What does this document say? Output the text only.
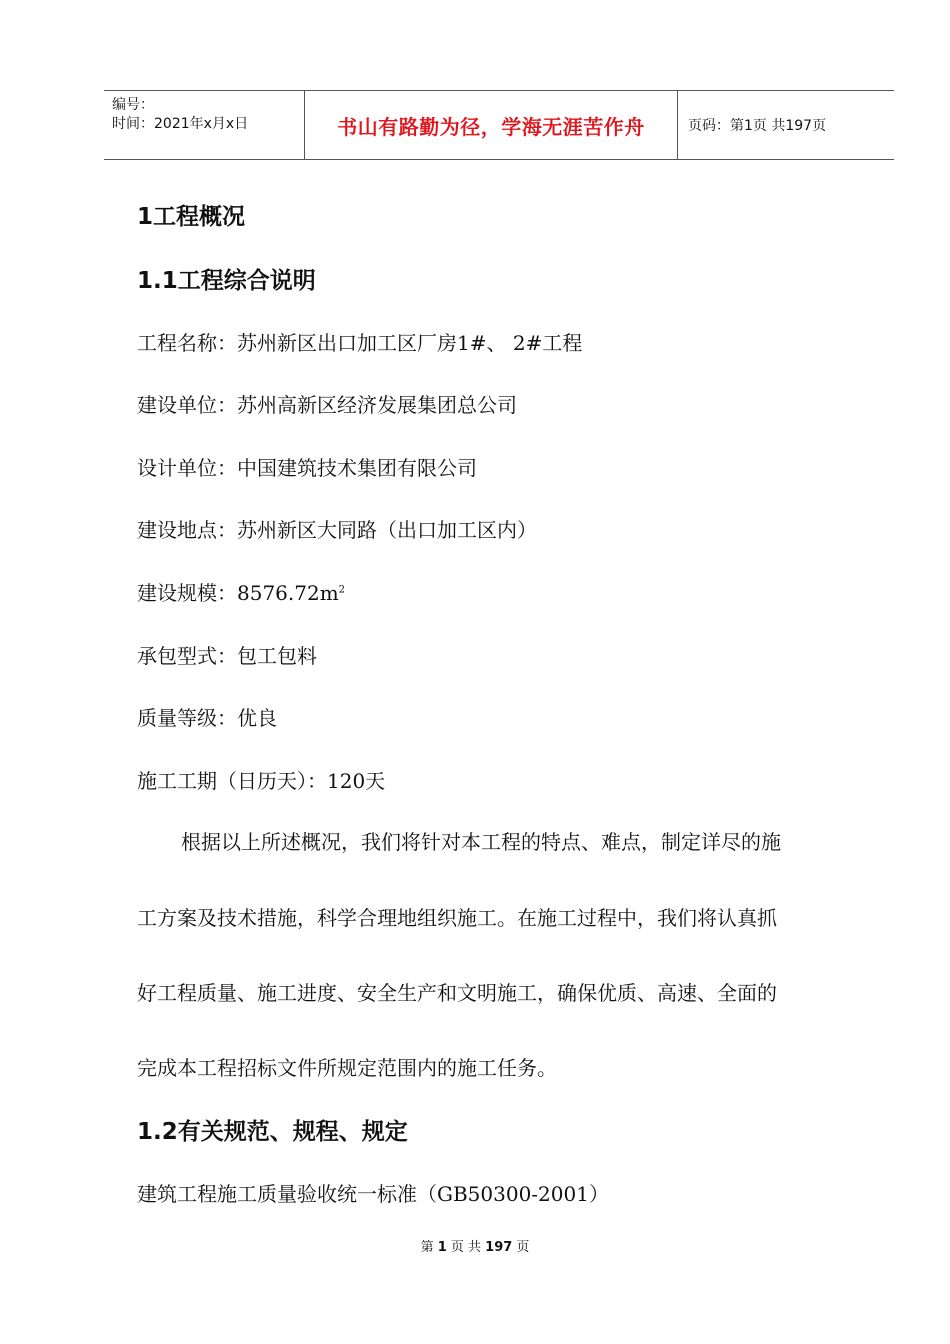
编号：
时间：2021年x月x日	书山有路勤为径，学海无涯苦作舟	页码：第1页 共197页
1工程概况
1.1工程综合说明
工程名称：苏州新区出口加工区厂房1#、 2#工程
建设单位：苏州高新区经济发展集团总公司
设计单位：中国建筑技术集团有限公司
建设地点：苏州新区大同路（出口加工区内）
建设规模：$8576.72m^2$
承包型式：包工包料
质量等级：优良
施工工期（日历天）：120天
根据以上所述概况，我们将针对本工程的特点、难点，制定详尽的施
工方案及技术措施，科学合理地组织施工。在施工过程中，我们将认真抓
好工程质量、施工进度、安全生产和文明施工，确保优质、高速、全面的
完成本工程招标文件所规定范围内的施工任务。
1.2有关规范、规程、规定
建筑工程施工质量验收统一标准（GB50300-2001）
第 1 页 共 197 页
